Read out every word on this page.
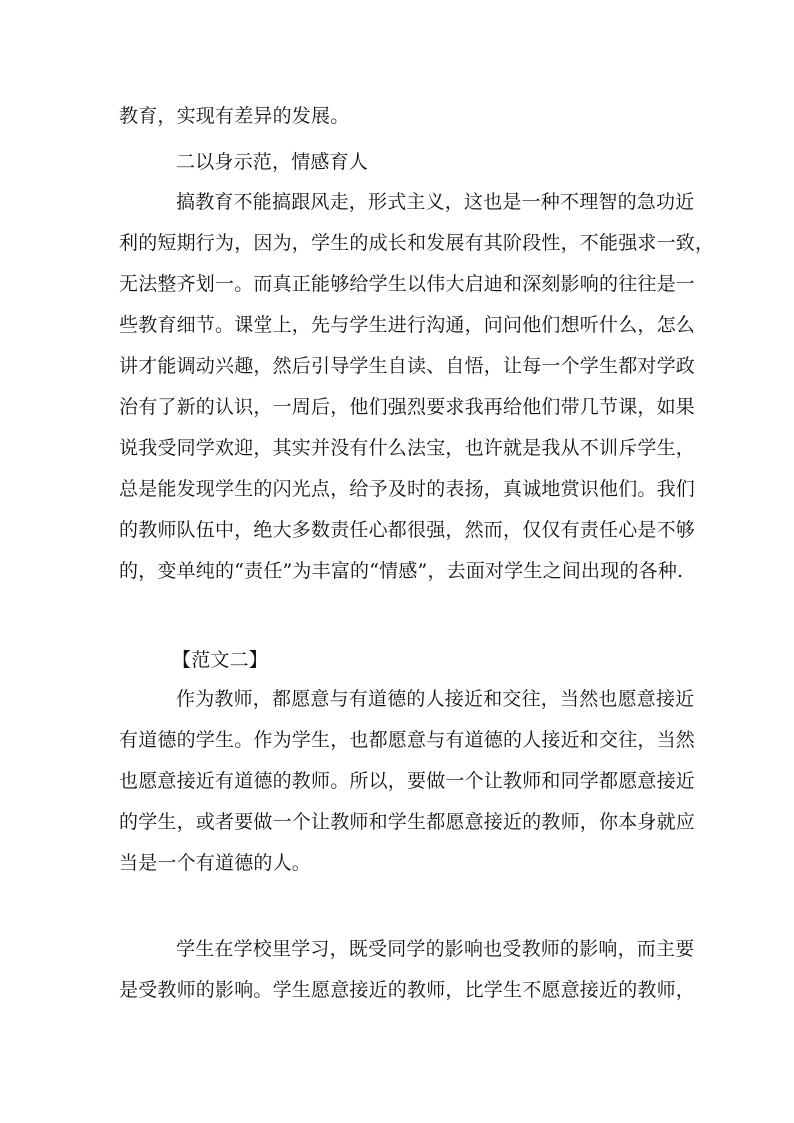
教育，实现有差异的发展。
二以身示范，情感育人
搞教育不能搞跟风走，形式主义，这也是一种不理智的急功近
利的短期行为，因为，学生的成长和发展有其阶段性，不能强求一致，
无法整齐划一。而真正能够给学生以伟大启迪和深刻影响的往往是一
些教育细节。课堂上，先与学生进行沟通，问问他们想听什么，怎么
讲才能调动兴趣，然后引导学生自读、自悟，让每一个学生都对学政
治有了新的认识，一周后，他们强烈要求我再给他们带几节课，如果
说我受同学欢迎，其实并没有什么法宝，也许就是我从不训斥学生，
总是能发现学生的闪光点，给予及时的表扬，真诚地赏识他们。我们
的教师队伍中，绝大多数责任心都很强，然而，仅仅有责任心是不够
的，变单纯的“责任”为丰富的“情感”，去面对学生之间出现的各种.
【范文二】
作为教师，都愿意与有道德的人接近和交往，当然也愿意接近
有道德的学生。作为学生，也都愿意与有道德的人接近和交往，当然
也愿意接近有道德的教师。所以，要做一个让教师和同学都愿意接近
的学生，或者要做一个让教师和学生都愿意接近的教师，你本身就应
当是一个有道德的人。
学生在学校里学习，既受同学的影响也受教师的影响，而主要
是受教师的影响。学生愿意接近的教师，比学生不愿意接近的教师，
